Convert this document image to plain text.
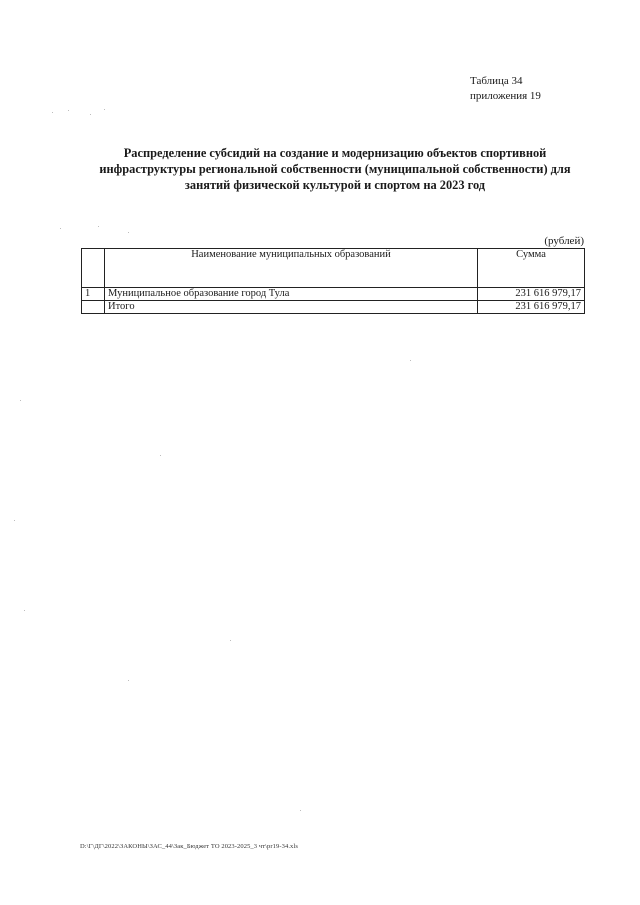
Таблица 34
приложения 19
Распределение субсидий на создание и модернизацию объектов спортивной
инфраструктуры региональной собственности (муниципальной собственности) для
занятий физической культурой и спортом на 2023 год
(рублей)
	Наименование муниципальных образований	Сумма
1	Муниципальное образование город Тула	231 616 979,17
	Итого	231 616 979,17
D:\Г\ДГ\2022\ЗАКОНЫ\ЗАС_44\Зак_Бюджет ТО 2023-2025_3 чт\pr19-34.xls
